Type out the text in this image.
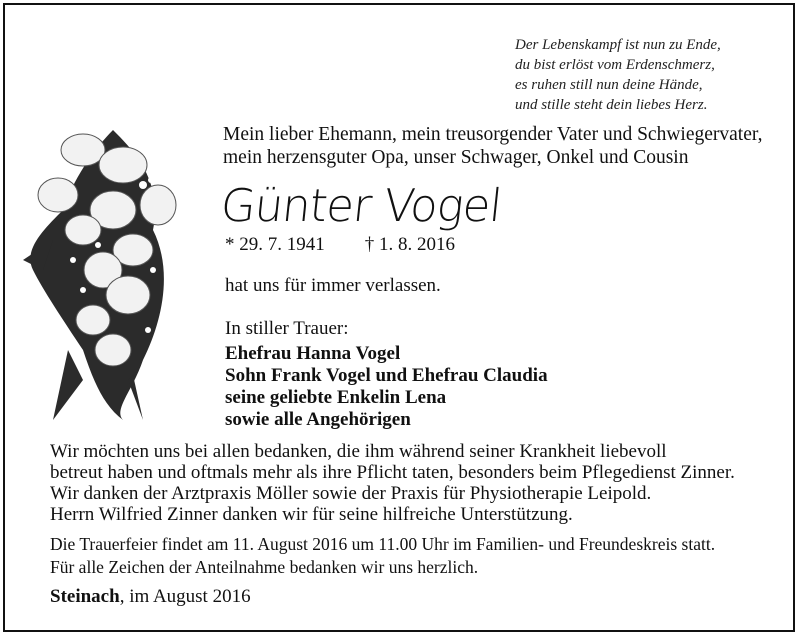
Der Lebenskampf ist nun zu Ende,
du bist erlöst vom Erdenschmerz,
es ruhen still nun deine Hände,
und stille steht dein liebes Herz.
Mein lieber Ehemann, mein treusorgender Vater und Schwiegervater,
mein herzensguter Opa, unser Schwager, Onkel und Cousin
Günter Vogel
* 29. 7. 1941 † 1. 8. 2016
hat uns für immer verlassen.
In stiller Trauer:
Ehefrau Hanna Vogel
Sohn Frank Vogel und Ehefrau Claudia
seine geliebte Enkelin Lena
sowie alle Angehörigen
Wir möchten uns bei allen bedanken, die ihm während seiner Krankheit liebevoll
betreut haben und oftmals mehr als ihre Pflicht taten, besonders beim Pflegedienst Zinner.
Wir danken der Arztpraxis Möller sowie der Praxis für Physiotherapie Leipold.
Herrn Wilfried Zinner danken wir für seine hilfreiche Unterstützung.
Die Trauerfeier findet am 11. August 2016 um 11.00 Uhr im Familien- und Freundeskreis statt.
Für alle Zeichen der Anteilnahme bedanken wir uns herzlich.
Steinach, im August 2016
